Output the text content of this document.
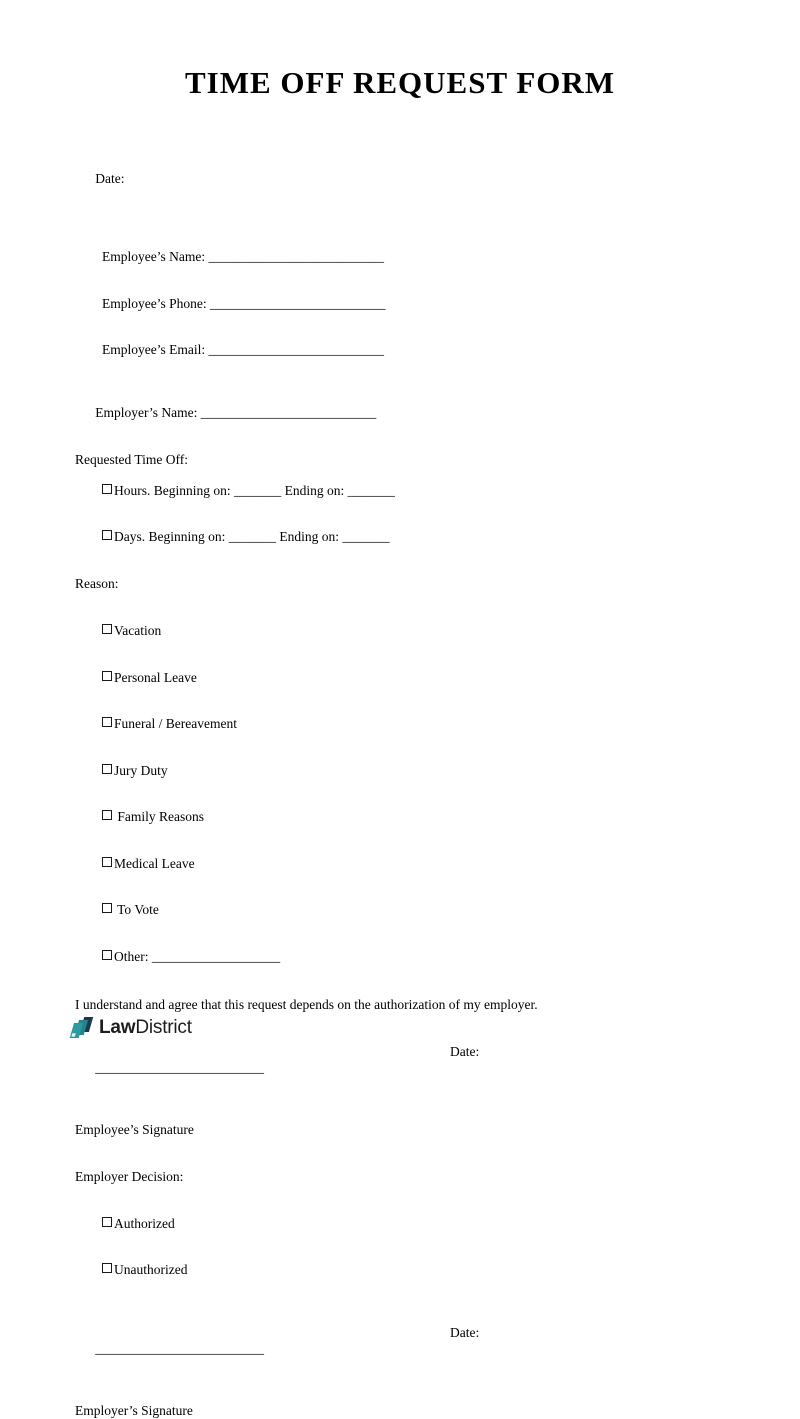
TIME OFF REQUEST FORM

Date:

Employee’s Name: __________________________

Employee’s Phone: __________________________

Employee’s Email: __________________________

Employer’s Name: __________________________

Requested Time Off:

Hours. Beginning on: _______ Ending on: _______

Days. Beginning on: _______ Ending on: _______

Reason:

Vacation

Personal Leave

Funeral / Bereavement

Jury Duty

Family Reasons

Medical Leave

To Vote

Other: ___________________

I understand and agree that this request depends on the authorization of my employer.

_________________________

Date:

Employee’s Signature
Employer Decision:

Authorized

Unauthorized

_________________________

Date:

Employer’s Signature
LawDistrict
